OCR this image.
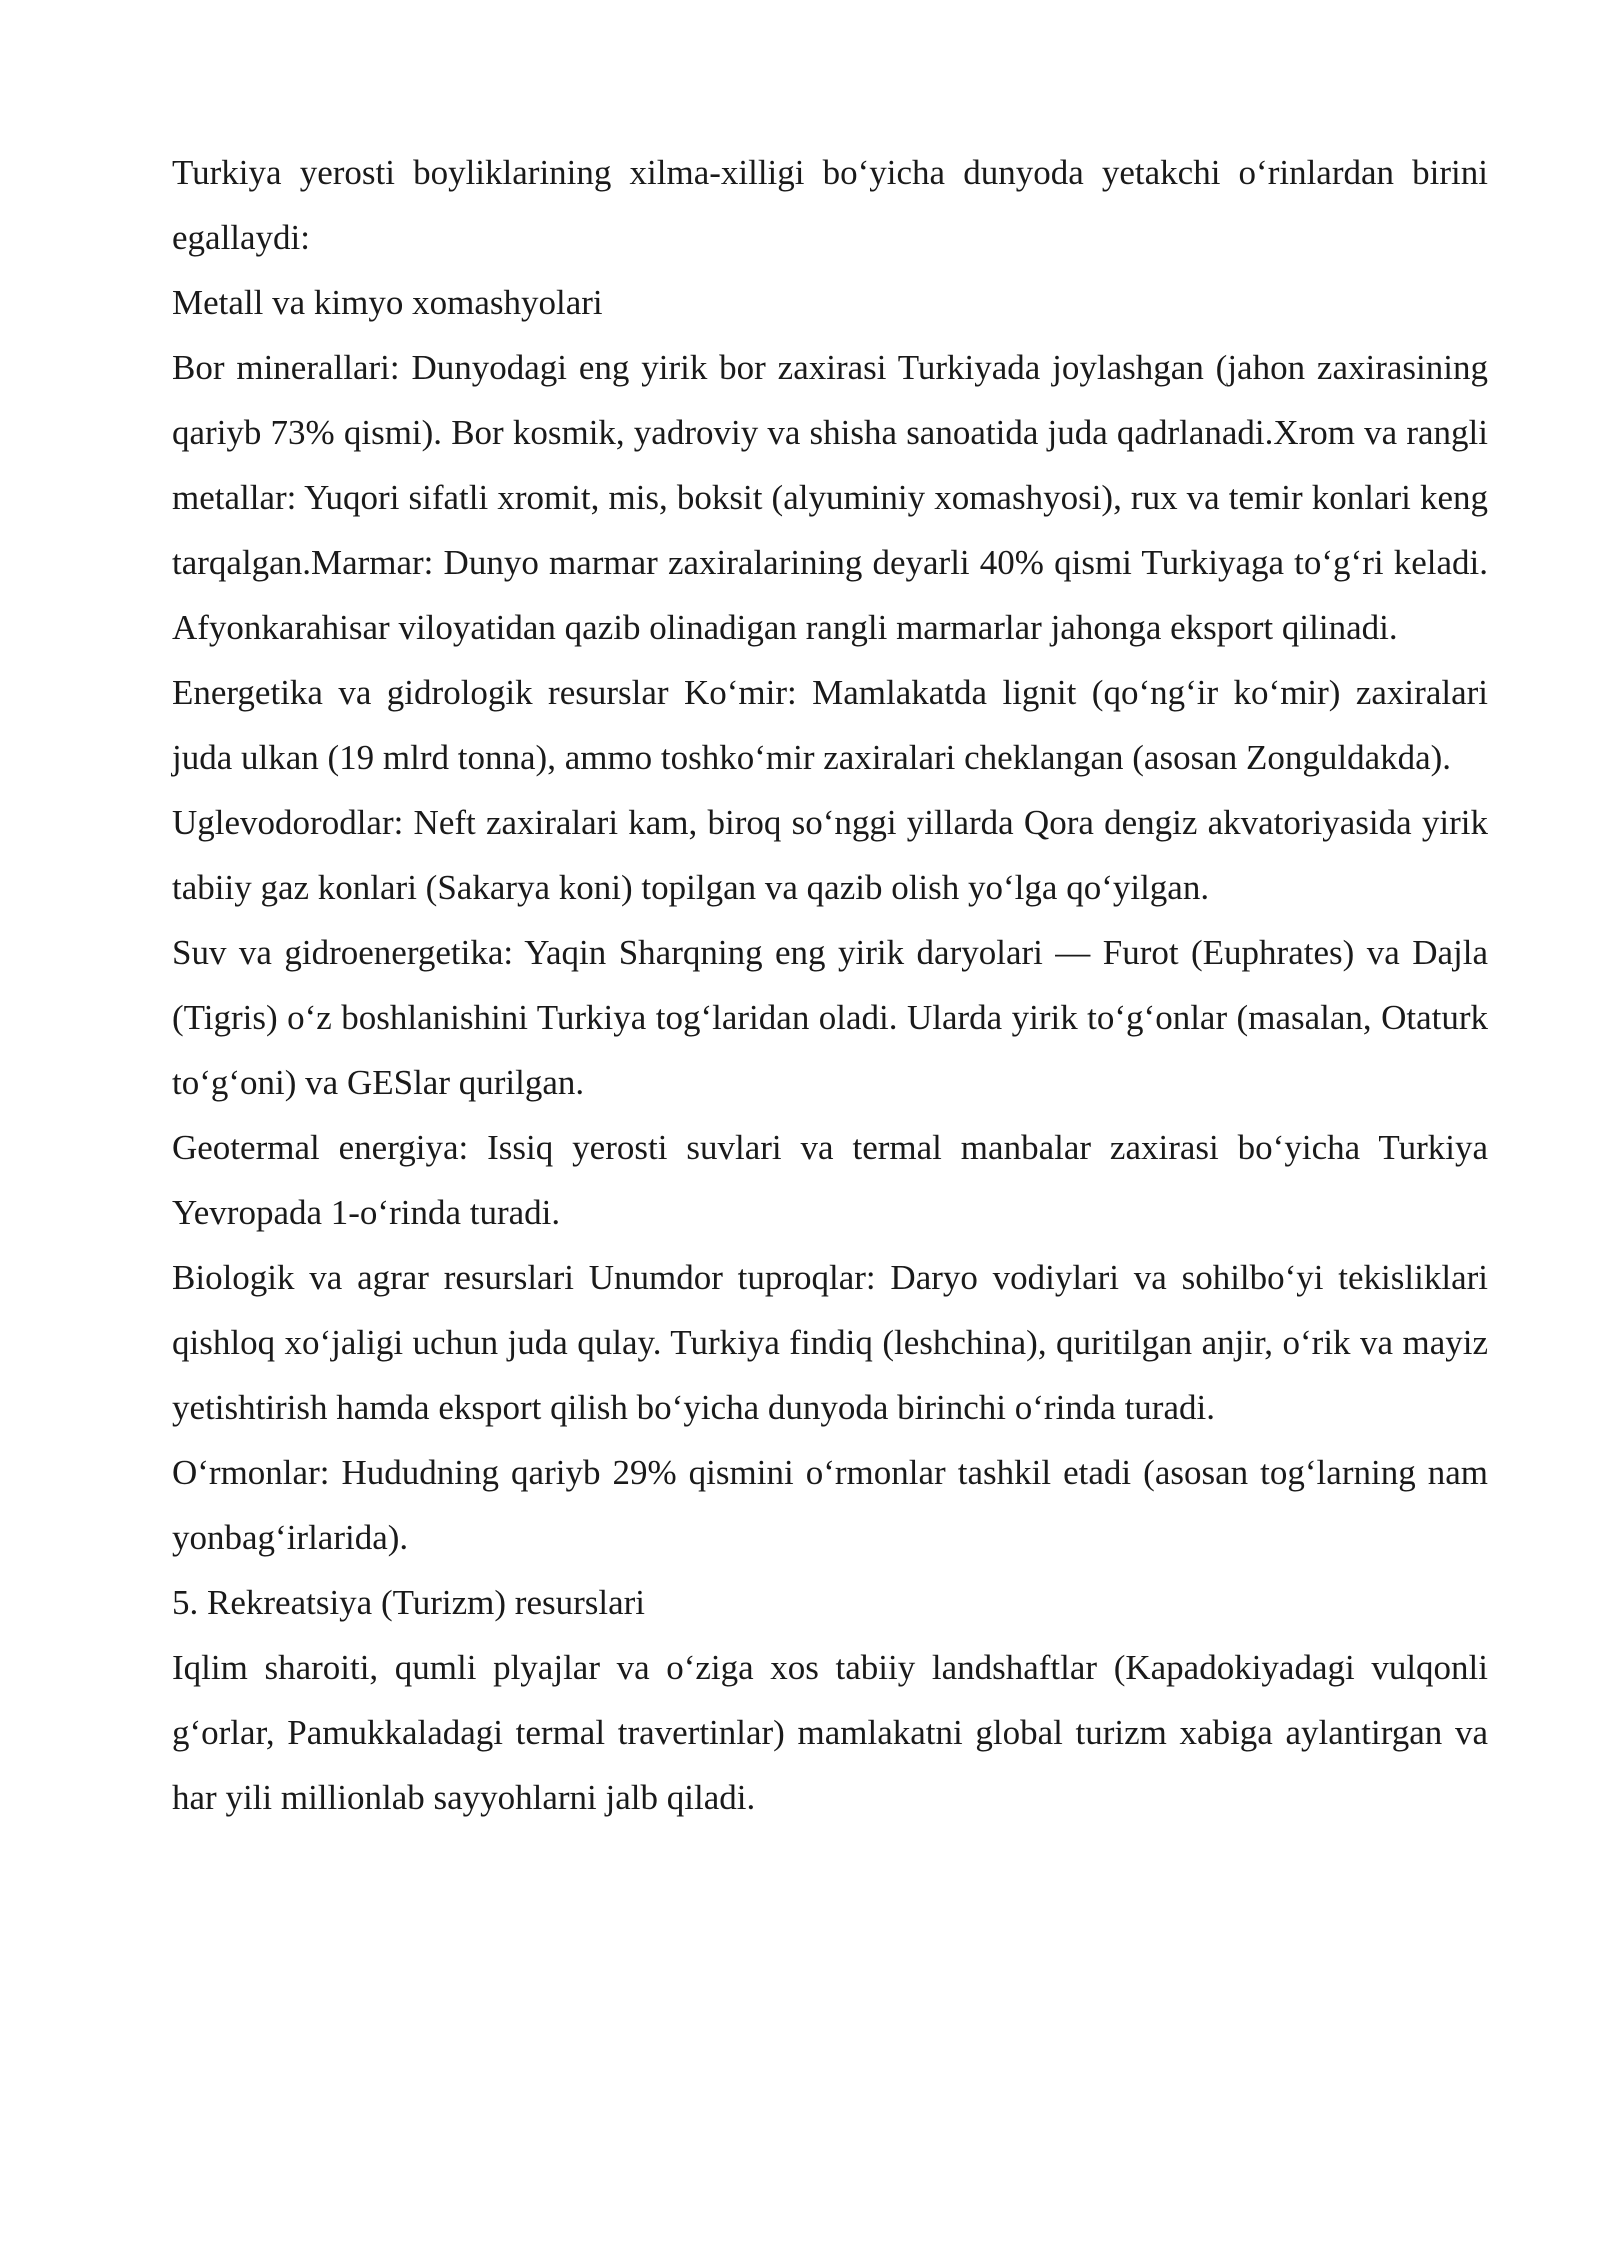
Turkiya yerosti boyliklarining xilma-xilligi bo‘yicha dunyoda yetakchi o‘rinlardan birini egallaydi:

Metall va kimyo xomashyolari

Bor minerallari: Dunyodagi eng yirik bor zaxirasi Turkiyada joylashgan (jahon zaxirasining qariyb 73% qismi). Bor kosmik, yadroviy va shisha sanoatida juda qadrlanadi.Xrom va rangli metallar: Yuqori sifatli xromit, mis, boksit (alyuminiy xomashyosi), rux va temir konlari keng tarqalgan.Marmar: Dunyo marmar zaxiralarining deyarli 40% qismi Turkiyaga to‘g‘ri keladi. Afyonkarahisar viloyatidan qazib olinadigan rangli marmarlar jahonga eksport qilinadi.

Energetika va gidrologik resurslar Ko‘mir: Mamlakatda lignit (qo‘ng‘ir ko‘mir) zaxiralari juda ulkan (19 mlrd tonna), ammo toshko‘mir zaxiralari cheklangan (asosan Zonguldakda).

Uglevodorodlar: Neft zaxiralari kam, biroq so‘nggi yillarda Qora dengiz akvatoriyasida yirik tabiiy gaz konlari (Sakarya koni) topilgan va qazib olish yo‘lga qo‘yilgan.

Suv va gidroenergetika: Yaqin Sharqning eng yirik daryolari — Furot (Euphrates) va Dajla (Tigris) o‘z boshlanishini Turkiya tog‘laridan oladi. Ularda yirik to‘g‘onlar (masalan, Otaturk to‘g‘oni) va GESlar qurilgan.

Geotermal energiya: Issiq yerosti suvlari va termal manbalar zaxirasi bo‘yicha Turkiya Yevropada 1-o‘rinda turadi.

Biologik va agrar resurslari Unumdor tuproqlar: Daryo vodiylari va sohilbo‘yi tekisliklari qishloq xo‘jaligi uchun juda qulay. Turkiya findiq (leshchina), quritilgan anjir, o‘rik va mayiz yetishtirish hamda eksport qilish bo‘yicha dunyoda birinchi o‘rinda turadi.

O‘rmonlar: Hududning qariyb 29% qismini o‘rmonlar tashkil etadi (asosan tog‘larning nam yonbag‘irlarida).

5. Rekreatsiya (Turizm) resurslari

Iqlim sharoiti, qumli plyajlar va o‘ziga xos tabiiy landshaftlar (Kapadokiyadagi vulqonli g‘orlar, Pamukkaladagi termal travertinlar) mamlakatni global turizm xabiga aylantirgan va har yili millionlab sayyohlarni jalb qiladi.
